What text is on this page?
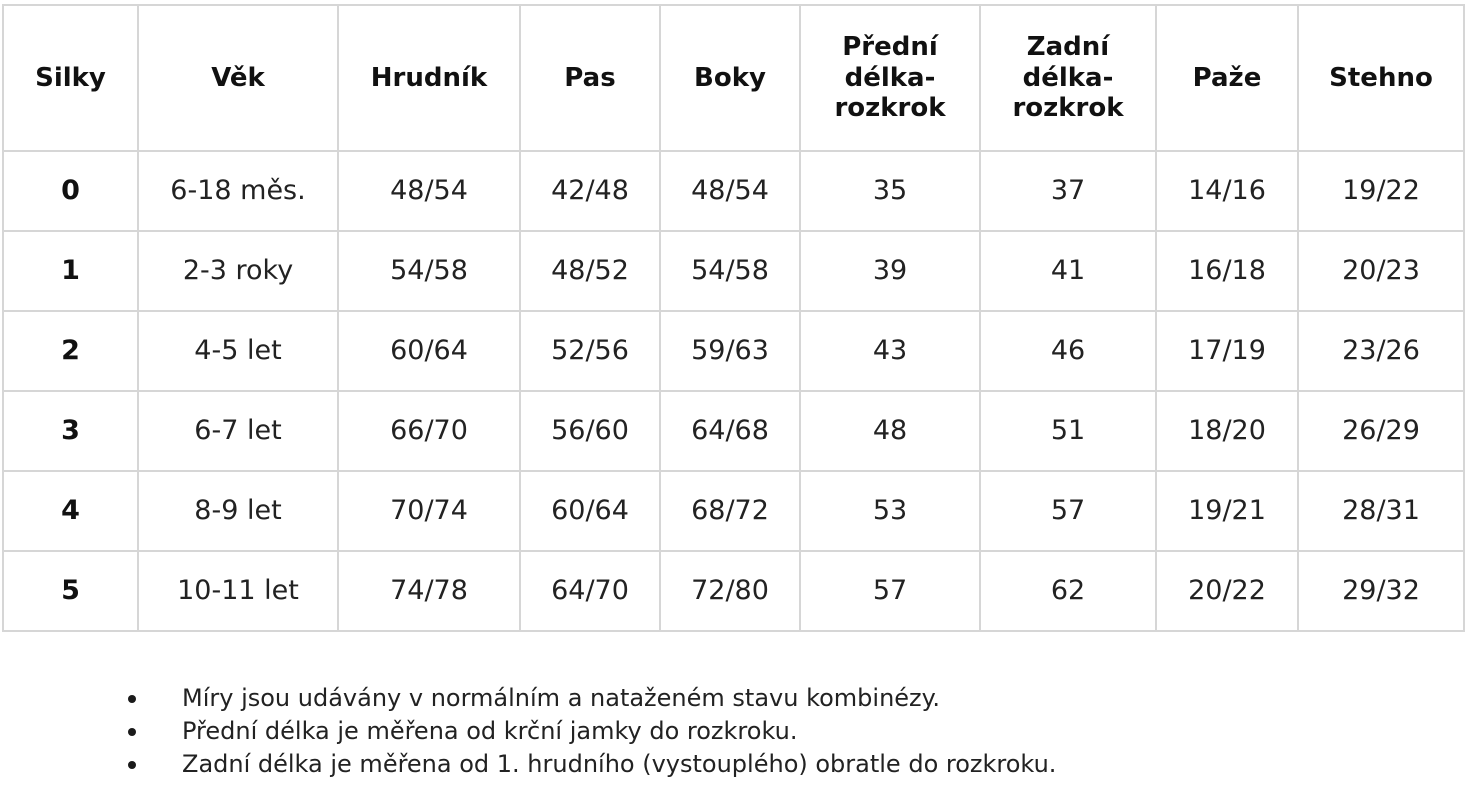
Silky	Věk	Hrudník	Pas	Boky	Přední
délka-
rozkrok	Zadní
délka-
rozkrok	Paže	Stehno
0	6-18 měs.	48/54	42/48	48/54	35	37	14/16	19/22
1	2-3 roky	54/58	48/52	54/58	39	41	16/18	20/23
2	4-5 let	60/64	52/56	59/63	43	46	17/19	23/26
3	6-7 let	66/70	56/60	64/68	48	51	18/20	26/29
4	8-9 let	70/74	60/64	68/72	53	57	19/21	28/31
5	10-11 let	74/78	64/70	72/80	57	62	20/22	29/32
Míry jsou udávány v normálním a nataženém stavu kombinézy.
Přední délka je měřena od krční jamky do rozkroku.
Zadní délka je měřena od 1. hrudního (vystouplého) obratle do rozkroku.
